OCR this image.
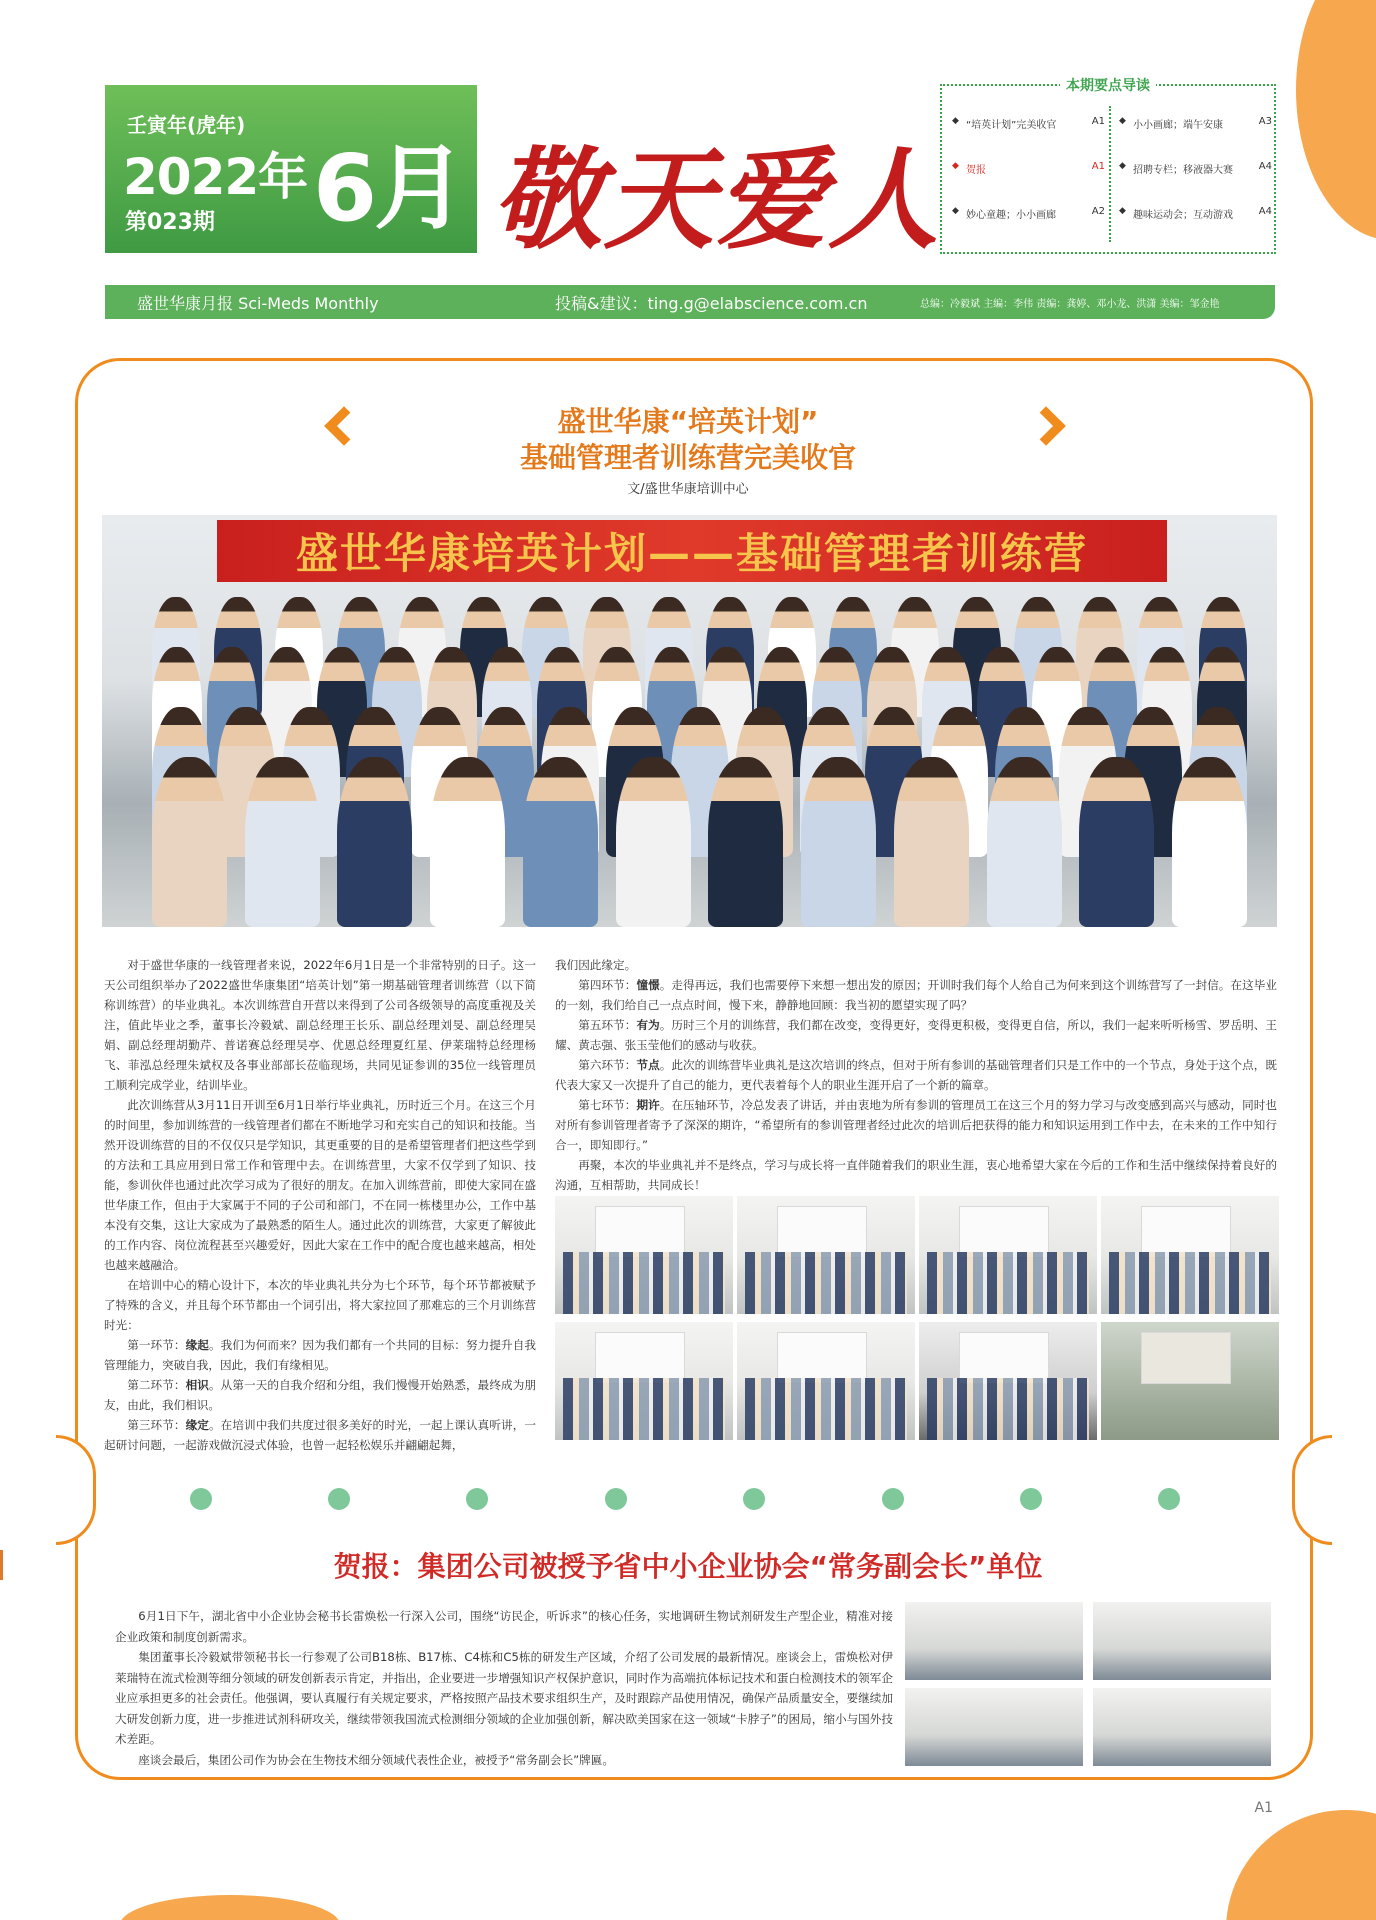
壬寅年(虎年)
2022年 6月
第023期	敬天爱人
本期要点导读
◆ “培英计划”完美收官	A1
◆ 贺报	A1
◆ 妙心童趣；小小画廊	A2
◆ 小小画廊；端午安康	A3
◆ 招聘专栏；移液器大赛	A4
◆ 趣味运动会；互动游戏	A4
盛世华康月报 Sci-Meds Monthly	投稿&建议：ting.g@elabscience.com.cn	总编：冷毅斌 主编：李伟 责编：龚婷、邓小龙、洪潇 美编：邹金艳
盛世华康“培英计划”
基础管理者训练营完美收官
文/盛世华康培训中心
盛世华康培英计划——基础管理者训练营

对于盛世华康的一线管理者来说，2022年6月1日是一个非常特别的日子。这一天公司组织举办了2022盛世华康集团“培英计划”第一期基础管理者训练营（以下简称训练营）的毕业典礼。本次训练营自开营以来得到了公司各级领导的高度重视及关注，值此毕业之季，董事长冷毅斌、副总经理王长乐、副总经理刘旻、副总经理吴娟、副总经理胡勤芹、普诺赛总经理吴亭、优恩总经理夏红星、伊莱瑞特总经理杨飞、菲泓总经理朱斌权及各事业部部长莅临现场，共同见证参训的35位一线管理员工顺利完成学业，结训毕业。

此次训练营从3月11日开训至6月1日举行毕业典礼，历时近三个月。在这三个月的时间里，参加训练营的一线管理者们都在不断地学习和充实自己的知识和技能。当然开设训练营的目的不仅仅只是学知识，其更重要的目的是希望管理者们把这些学到的方法和工具应用到日常工作和管理中去。在训练营里，大家不仅学到了知识、技能，参训伙伴也通过此次学习成为了很好的朋友。在加入训练营前，即使大家同在盛世华康工作，但由于大家属于不同的子公司和部门，不在同一栋楼里办公，工作中基本没有交集，这让大家成为了最熟悉的陌生人。通过此次的训练营，大家更了解彼此的工作内容、岗位流程甚至兴趣爱好，因此大家在工作中的配合度也越来越高，相处也越来越融洽。

在培训中心的精心设计下，本次的毕业典礼共分为七个环节，每个环节都被赋予了特殊的含义，并且每个环节都由一个词引出，将大家拉回了那难忘的三个月训练营时光：

第一环节：缘起。我们为何而来？因为我们都有一个共同的目标：努力提升自我管理能力，突破自我，因此，我们有缘相见。

第二环节：相识。从第一天的自我介绍和分组，我们慢慢开始熟悉，最终成为朋友，由此，我们相识。

第三环节：缘定。在培训中我们共度过很多美好的时光，一起上课认真听讲，一起研讨问题，一起游戏做沉浸式体验，也曾一起轻松娱乐并翩翩起舞，

我们因此缘定。

第四环节：憧憬。走得再远，我们也需要停下来想一想出发的原因；开训时我们每个人给自己为何来到这个训练营写了一封信。在这毕业的一刻，我们给自己一点点时间，慢下来，静静地回顾：我当初的愿望实现了吗？

第五环节：有为。历时三个月的训练营，我们都在改变，变得更好，变得更积极，变得更自信，所以，我们一起来听听杨雪、罗岳明、王耀、黄志强、张玉莹他们的感动与收获。

第六环节：节点。此次的训练营毕业典礼是这次培训的终点，但对于所有参训的基础管理者们只是工作中的一个节点，身处于这个点，既代表大家又一次提升了自己的能力，更代表着每个人的职业生涯开启了一个新的篇章。

第七环节：期许。在压轴环节，冷总发表了讲话，并由衷地为所有参训的管理员工在这三个月的努力学习与改变感到高兴与感动，同时也对所有参训管理者寄予了深深的期许，“希望所有的参训管理者经过此次的培训后把获得的能力和知识运用到工作中去，在未来的工作中知行合一，即知即行。”

再聚，本次的毕业典礼并不是终点，学习与成长将一直伴随着我们的职业生涯，衷心地希望大家在今后的工作和生活中继续保持着良好的沟通，互相帮助，共同成长！

贺报：集团公司被授予省中小企业协会“常务副会长”单位

6月1日下午，湖北省中小企业协会秘书长雷焕松一行深入公司，围绕“访民企，听诉求”的核心任务，实地调研生物试剂研发生产型企业，精准对接企业政策和制度创新需求。

集团董事长冷毅斌带领秘书长一行参观了公司B18栋、B17栋、C4栋和C5栋的研发生产区域，介绍了公司发展的最新情况。座谈会上，雷焕松对伊莱瑞特在流式检测等细分领域的研发创新表示肯定，并指出，企业要进一步增强知识产权保护意识，同时作为高端抗体标记技术和蛋白检测技术的领军企业应承担更多的社会责任。他强调，要认真履行有关规定要求，严格按照产品技术要求组织生产，及时跟踪产品使用情况，确保产品质量安全，要继续加大研发创新力度，进一步推进试剂科研攻关，继续带领我国流式检测细分领域的企业加强创新，解决欧美国家在这一领域“卡脖子”的困局，缩小与国外技术差距。

座谈会最后，集团公司作为协会在生物技术细分领域代表性企业，被授予“常务副会长”牌匾。

A1
